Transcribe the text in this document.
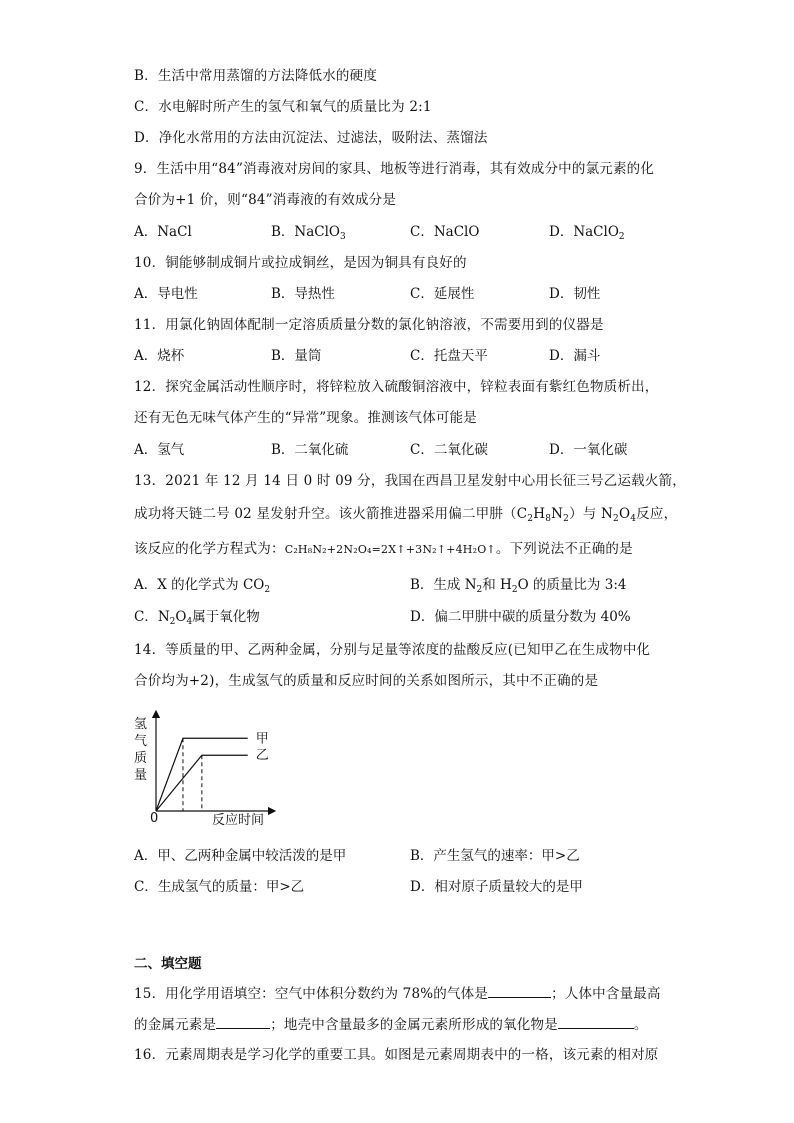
B．生活中常用蒸馏的方法降低水的硬度
C．水电解时所产生的氢气和氧气的质量比为 2:1
D．净化水常用的方法由沉淀法、过滤法，吸附法、蒸馏法
9．生活中用“84”消毒液对房间的家具、地板等进行消毒，其有效成分中的氯元素的化
合价为+1 价，则“84”消毒液的有效成分是
A．NaCl	B．NaClO$_3$	C．NaClO	D．NaClO$_2$
10．铜能够制成铜片或拉成铜丝，是因为铜具有良好的
A．导电性	B．导热性	C．延展性	D．韧性
11．用氯化钠固体配制一定溶质质量分数的氯化钠溶液，不需要用到的仪器是
A．烧杯	B．量筒	C．托盘天平	D．漏斗
12．探究金属活动性顺序时，将锌粒放入硫酸铜溶液中，锌粒表面有紫红色物质析出，
还有无色无味气体产生的“异常”现象。推测该气体可能是
A．氢气	B．二氧化硫	C．二氧化碳	D．一氧化碳
13．2021 年 12 月 14 日 0 时 09 分，我国在西昌卫星发射中心用长征三号乙运载火箭，
成功将天链二号 02 星发射升空。该火箭推进器采用偏二甲肼$(C_2H_8N_2)$与 $N_2O_4$反应，
该反应的化学方程式为：C₂H₈N₂+2N₂O₄=2X↑+3N₂↑+4H₂O↑。下列说法不正确的是
A．X 的化学式为 $CO_2$	B．生成 $N_2$和 $H_2O$ 的质量比为 3:4
C．$N_2O_4$属于氧化物	D．偏二甲肼中碳的质量分数为 40%
14．等质量的甲、乙两种金属，分别与足量等浓度的盐酸反应(已知甲乙在生成物中化
合价均为+2)，生成氢气的质量和反应时间的关系如图所示，其中不正确的是
氢
气
质
量
0
甲
乙
反应时间
A．甲、乙两种金属中较活泼的是甲	B．产生氢气的速率：甲>乙
C．生成氢气的质量：甲>乙	D．相对原子质量较大的是甲
二、填空题
15．用化学用语填空：空气中体积分数约为 78%的气体是	；人体中含量最高
的金属元素是	；地壳中含量最多的金属元素所形成的氧化物是	。
16．元素周期表是学习化学的重要工具。如图是元素周期表中的一格，该元素的相对原
